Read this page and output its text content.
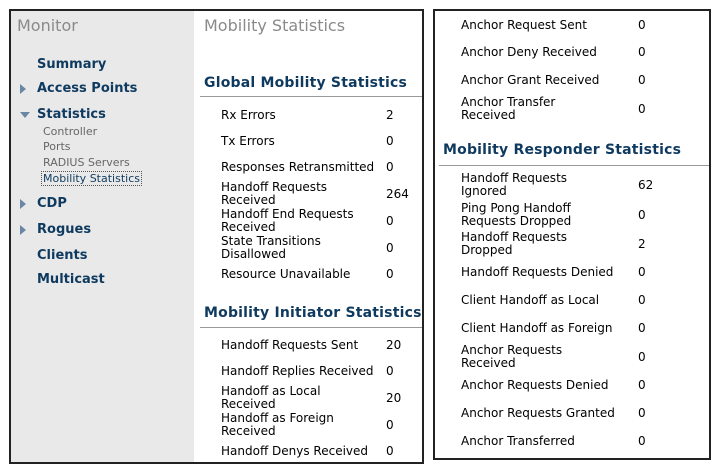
Monitor
Summary
Access Points
Statistics
Controller
Ports
RADIUS Servers
Mobility Statistics
CDP
Rogues
Clients
Multicast
Mobility Statistics
Global Mobility Statistics
Rx Errors	2
Tx Errors	0
Responses Retransmitted 0
Handoff Requests
Received	264
Handoff End Requests
Received	0
State Transitions
Disallowed	0
Resource Unavailable	0
Mobility Initiator Statistics
Handoff Requests Sent 20
Handoff Replies Received 0
Handoff as Local
Received	20
Handoff as Foreign
Received	0
Handoff Denys Received 0
Anchor Request Sent	0
Anchor Deny Received	0
Anchor Grant Received	0
Anchor Transfer
Received	0
Mobility Responder Statistics
Handoff Requests
Ignored	62
Ping Pong Handoff
Requests Dropped	0
Handoff Requests
Dropped	2
Handoff Requests Denied 0
Client Handoff as Local	0
Client Handoff as Foreign 0
Anchor Requests
Received	0
Anchor Requests Denied 0
Anchor Requests Granted 0
Anchor Transferred	0
